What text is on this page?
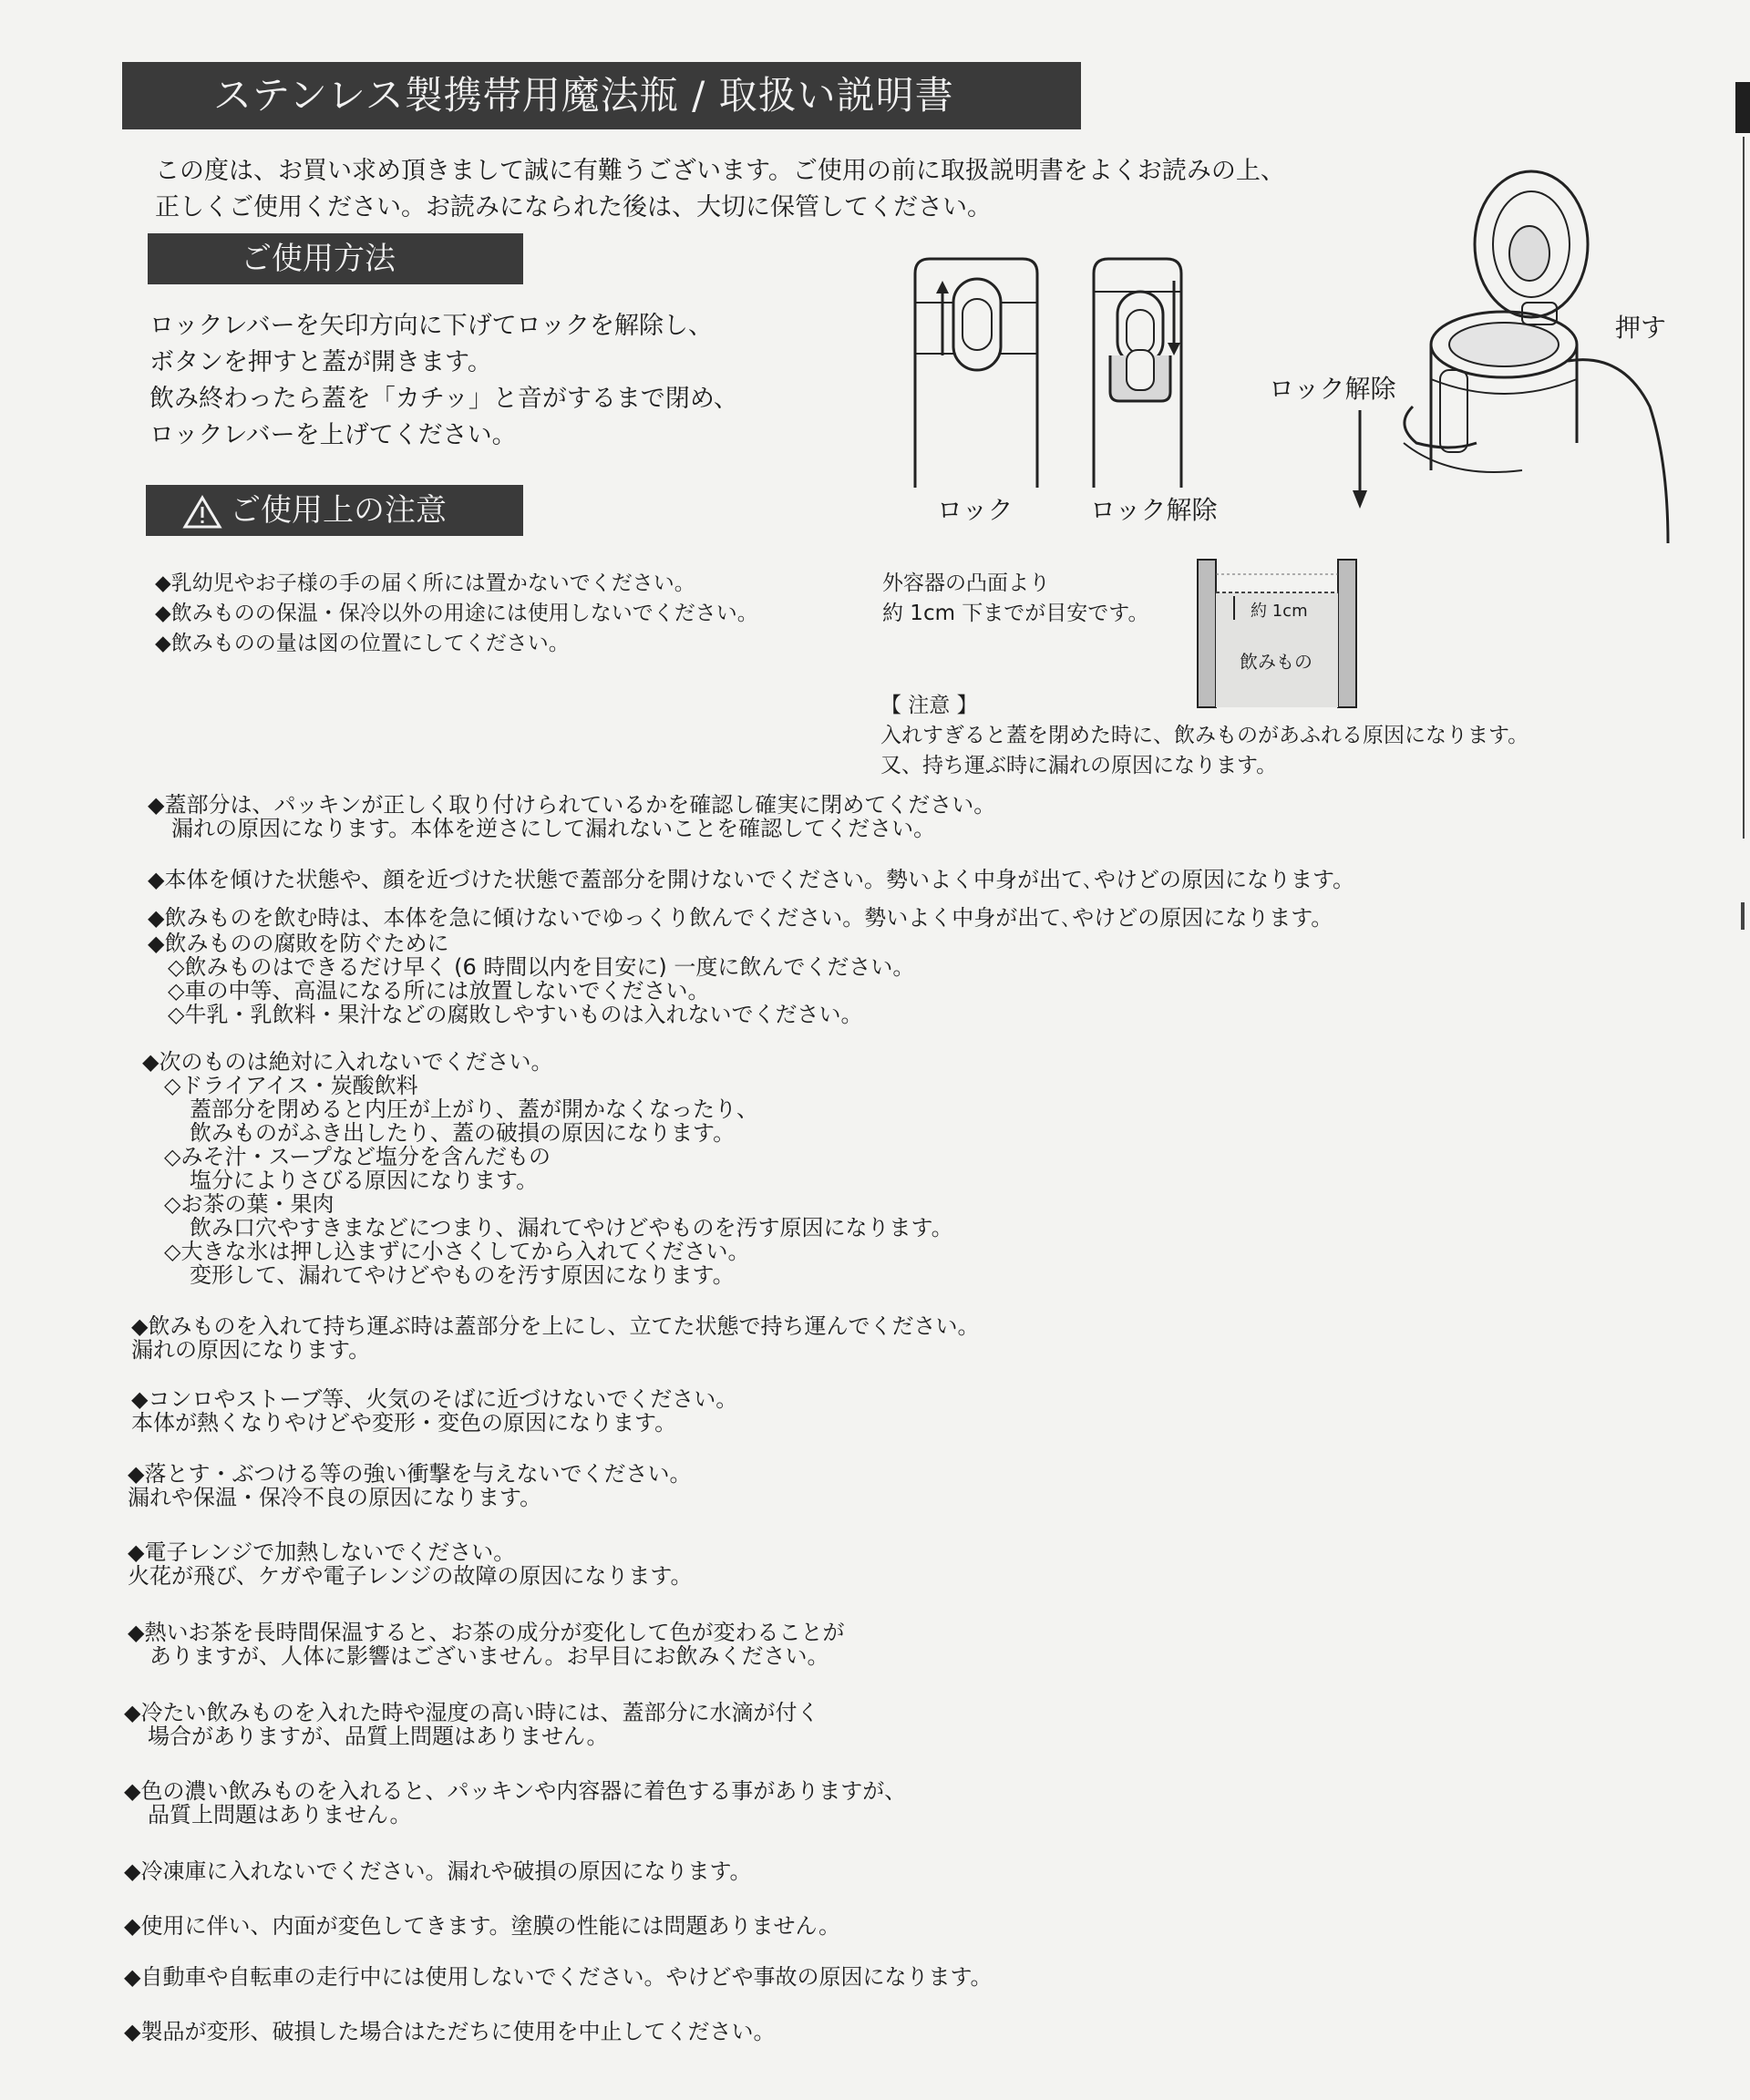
ステンレス製携帯用魔法瓶 / 取扱い説明書
この度は、お買い求め頂きまして誠に有難うございます。ご使用の前に取扱説明書をよくお読みの上、
正しくご使用ください。お読みになられた後は、大切に保管してください。
ご使用方法
ロックレバーを矢印方向に下げてロックを解除し、
ボタンを押すと蓋が開きます。
飲み終わったら蓋を「カチッ」と音がするまで閉め、
ロックレバーを上げてください。
ご使用上の注意	ロック	ロック解除
ロック解除
押す
◆乳幼児やお子様の手の届く所には置かないでください。
◆飲みものの保温・保冷以外の用途には使用しないでください。
◆飲みものの量は図の位置にしてください。
外容器の凸面より
約 1cm 下までが目安です。	約 1cm
飲みもの
【 注意 】
入れすぎると蓋を閉めた時に、飲みものがあふれる原因になります。
又、持ち運ぶ時に漏れの原因になります。
◆蓋部分は、パッキンが正しく取り付けられているかを確認し確実に閉めてください。
漏れの原因になります。本体を逆さにして漏れないことを確認してください。
◆本体を傾けた状態や、顔を近づけた状態で蓋部分を開けないでください。勢いよく中身が出て､やけどの原因になります。
◆飲みものを飲む時は、本体を急に傾けないでゆっくり飲んでください。勢いよく中身が出て､やけどの原因になります。
◆飲みものの腐敗を防ぐために
◇飲みものはできるだけ早く (6 時間以内を目安に) 一度に飲んでください。
◇車の中等、高温になる所には放置しないでください。
◇牛乳・乳飲料・果汁などの腐敗しやすいものは入れないでください。
◆次のものは絶対に入れないでください。
◇ドライアイス・炭酸飲料
蓋部分を閉めると内圧が上がり、蓋が開かなくなったり、
飲みものがふき出したり、蓋の破損の原因になります。
◇みそ汁・スープなど塩分を含んだもの
塩分によりさびる原因になります。
◇お茶の葉・果肉
飲み口穴やすきまなどにつまり、漏れてやけどやものを汚す原因になります。
◇大きな氷は押し込まずに小さくしてから入れてください。
変形して、漏れてやけどやものを汚す原因になります。
◆飲みものを入れて持ち運ぶ時は蓋部分を上にし、立てた状態で持ち運んでください。
漏れの原因になります。
◆コンロやストーブ等、火気のそばに近づけないでください。
本体が熱くなりやけどや変形・変色の原因になります。
◆落とす・ぶつける等の強い衝撃を与えないでください。
漏れや保温・保冷不良の原因になります。
◆電子レンジで加熱しないでください。
火花が飛び、ケガや電子レンジの故障の原因になります。
◆熱いお茶を長時間保温すると、お茶の成分が変化して色が変わることが
ありますが、人体に影響はございません。お早目にお飲みください。
◆冷たい飲みものを入れた時や湿度の高い時には、蓋部分に水滴が付く
場合がありますが、品質上問題はありません。
◆色の濃い飲みものを入れると、パッキンや内容器に着色する事がありますが、
品質上問題はありません。
◆冷凍庫に入れないでください。漏れや破損の原因になります。
◆使用に伴い、内面が変色してきます。塗膜の性能には問題ありません。
◆自動車や自転車の走行中には使用しないでください。やけどや事故の原因になります。
◆製品が変形、破損した場合はただちに使用を中止してください。
